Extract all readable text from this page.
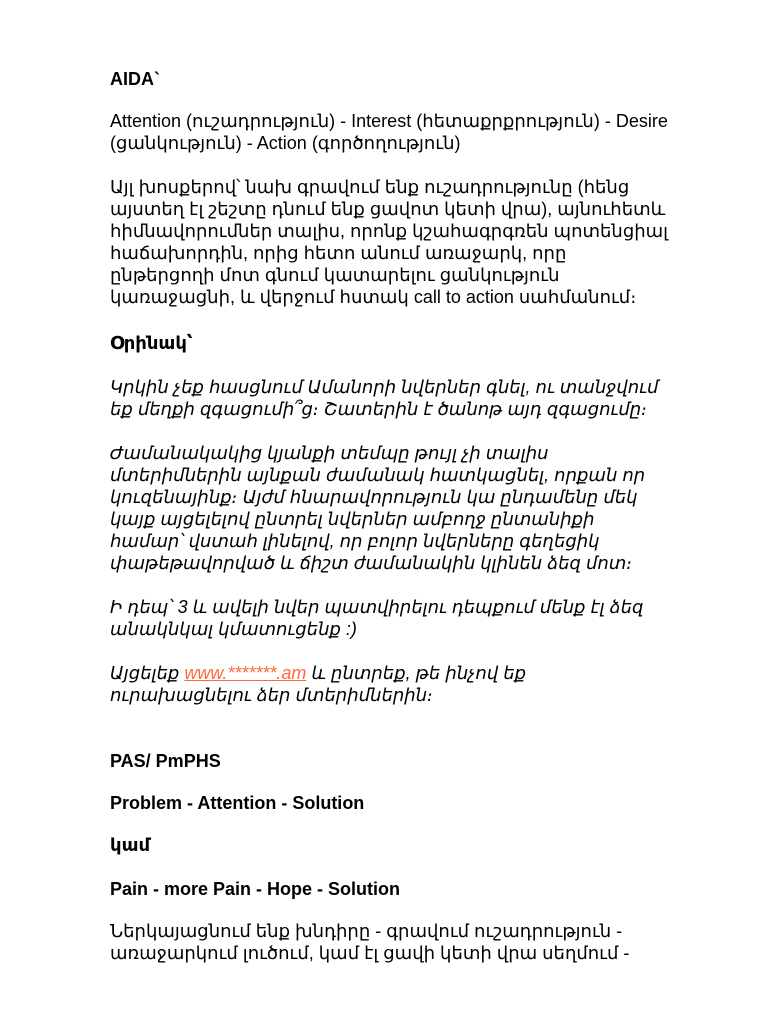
AIDA`

Attention (ուշադրություն) - Interest (հետաքրքրություն) - Desire
(ցանկություն) - Action (գործողություն)

Այլ խոսքերով՝ նախ գրավում ենք ուշադրությունը (հենց
այստեղ էլ շեշտը դնում ենք ցավոտ կետի վրա), այնուհետև
հիմնավորումներ տալիս, որոնք կշահագրգռեն պոտենցիալ
հաճախորդին, որից հետո անում առաջարկ, որը
ընթերցողի մոտ գնում կատարելու ցանկություն
կառաջացնի, և վերջում հստակ call to action սահմանում։

Օրինակ՝

Կրկին չեք հասցնում Ամանորի նվերներ գնել, ու տանջվում
եք մեղքի զգացումի՞ց։ Շատերին է ծանոթ այդ զգացումը։

Ժամանակակից կյանքի տեմպը թույլ չի տալիս
մտերիմներին այնքան ժամանակ հատկացնել, որքան որ
կուզենայինք։ Այժմ հնարավորություն կա ընդամենը մեկ
կայք այցելելով ընտրել նվերներ ամբողջ ընտանիքի
համար՝ վստահ լինելով, որ բոլոր նվերները գեղեցիկ
փաթեթավորված և ճիշտ ժամանակին կլինեն ձեզ մոտ։

Ի դեպ՝ 3 և ավելի նվեր պատվիրելու դեպքում մենք էլ ձեզ
անակնկալ կմատուցենք :)

Այցելեք www.*******.am և ընտրեք, թե ինչով եք
ուրախացնելու ձեր մտերիմներին։

PAS/ PmPHS

Problem - Attention - Solution

կամ

Pain - more Pain - Hope - Solution

Ներկայացնում ենք խնդիրը - գրավում ուշադրություն -
առաջարկում լուծում, կամ էլ ցավի կետի վրա սեղմում -
